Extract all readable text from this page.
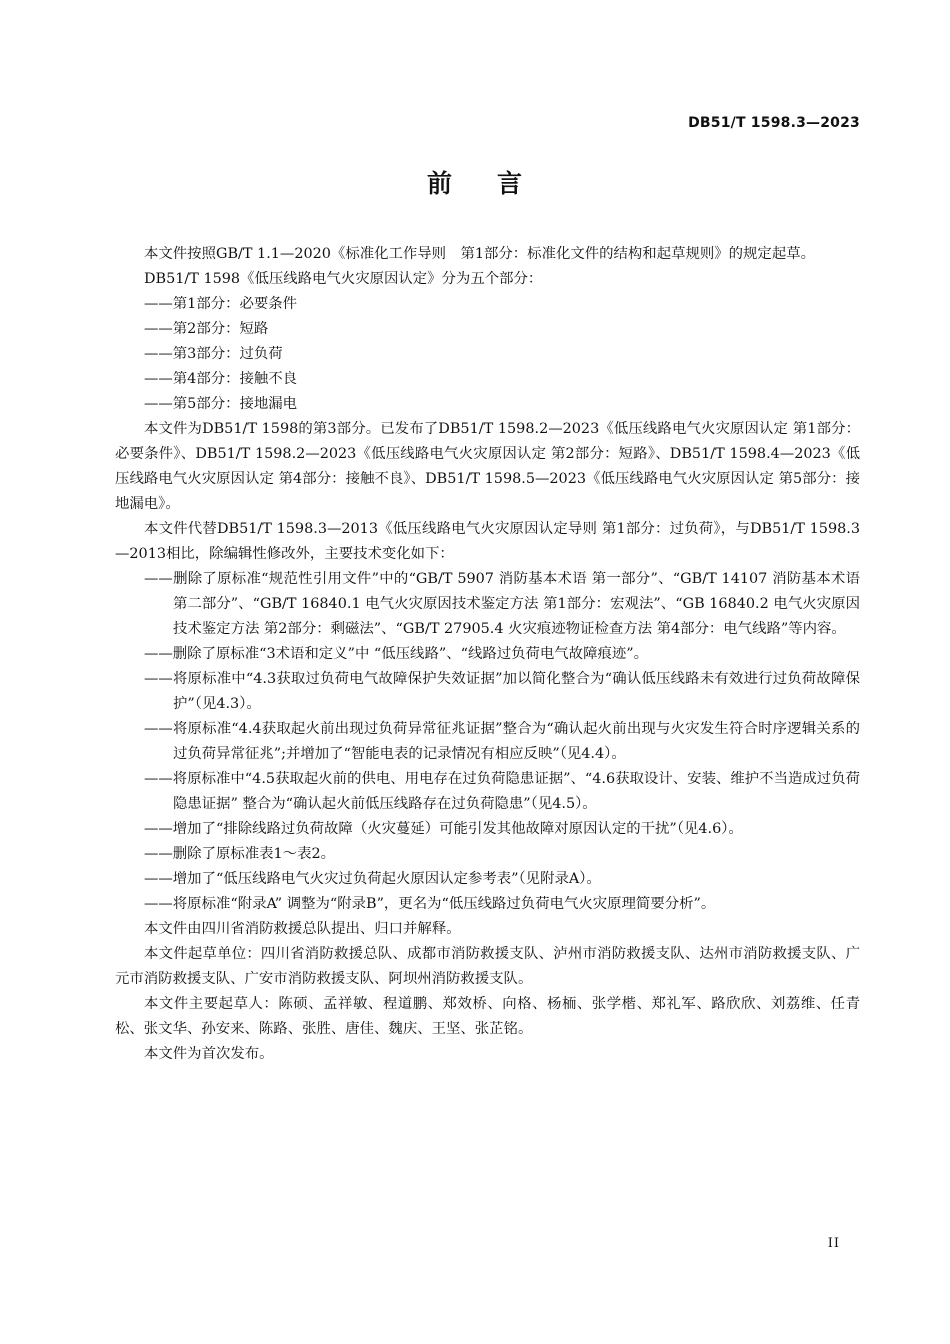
DB51/T 1598.3—2023
前 言

本文件按照GB/T 1.1—2020《标准化工作导则　第1部分：标准化文件的结构和起草规则》的规定起草。

DB51/T 1598《低压线路电气火灾原因认定》分为五个部分：

——第1部分：必要条件

——第2部分：短路

——第3部分：过负荷

——第4部分：接触不良

——第5部分：接地漏电

本文件为DB51/T 1598的第3部分。已发布了DB51/T 1598.2—2023《低压线路电气火灾原因认定 第1部分：必要条件》、DB51/T 1598.2—2023《低压线路电气火灾原因认定 第2部分：短路》、DB51/T 1598.4—2023《低压线路电气火灾原因认定 第4部分：接触不良》、DB51/T 1598.5—2023《低压线路电气火灾原因认定 第5部分：接地漏电》。

本文件代替DB51/T 1598.3—2013《低压线路电气火灾原因认定导则 第1部分：过负荷》，与DB51/T 1598.3—2013相比，除编辑性修改外，主要技术变化如下：

——删除了原标准“规范性引用文件”中的“GB/T 5907 消防基本术语 第一部分”、“GB/T 14107 消防基本术语 第二部分”、“GB/T 16840.1 电气火灾原因技术鉴定方法 第1部分：宏观法”、“GB 16840.2 电气火灾原因技术鉴定方法 第2部分：剩磁法”、“GB/T 27905.4 火灾痕迹物证检查方法 第4部分：电气线路”等内容。

——删除了原标准“3术语和定义”中 “低压线路”、“线路过负荷电气故障痕迹”。

——将原标准中“4.3获取过负荷电气故障保护失效证据”加以简化整合为“确认低压线路未有效进行过负荷故障保护”（见4.3）。

——将原标准“4.4获取起火前出现过负荷异常征兆证据”整合为“确认起火前出现与火灾发生符合时序逻辑关系的过负荷异常征兆”;并增加了“智能电表的记录情况有相应反映”（见4.4）。

——将原标准中“4.5获取起火前的供电、用电存在过负荷隐患证据”、“4.6获取设计、安装、维护不当造成过负荷隐患证据” 整合为“确认起火前低压线路存在过负荷隐患”（见4.5）。

——增加了“排除线路过负荷故障（火灾蔓延）可能引发其他故障对原因认定的干扰”（见4.6）。

——删除了原标准表1～表2。

——增加了“低压线路电气火灾过负荷起火原因认定参考表”（见附录A）。

——将原标准“附录A” 调整为“附录B”，更名为“低压线路过负荷电气火灾原理简要分析”。

本文件由四川省消防救援总队提出、归口并解释。

本文件起草单位：四川省消防救援总队、成都市消防救援支队、泸州市消防救援支队、达州市消防救援支队、广元市消防救援支队、广安市消防救援支队、阿坝州消防救援支队。

本文件主要起草人：陈硕、孟祥敏、程道鹏、郑效桥、向格、杨栭、张学楷、郑礼军、路欣欣、刘荔维、任青松、张文华、孙安来、陈路、张胜、唐佳、魏庆、王坚、张芷铭。

本文件为首次发布。

II
